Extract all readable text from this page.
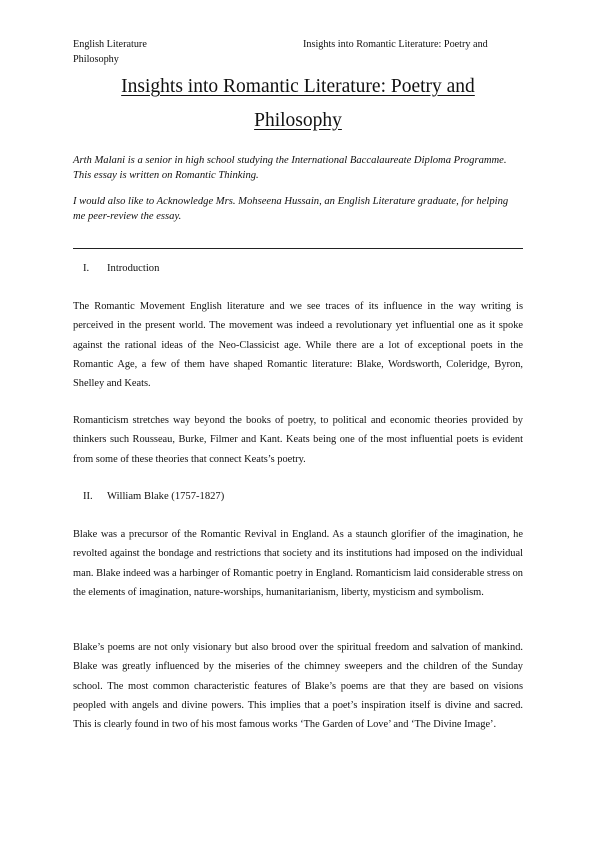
English Literature
Philosophy
Insights into Romantic Literature: Poetry and
Insights into Romantic Literature: Poetry and
Philosophy
Arth Malani is a senior in high school studying the International Baccalaureate Diploma Programme. This essay is written on Romantic Thinking.
I would also like to Acknowledge Mrs. Mohseena Hussain, an English Literature graduate, for helping me peer-review the essay.
I. Introduction
The Romantic Movement English literature and we see traces of its influence in the way writing is perceived in the present world. The movement was indeed a revolutionary yet influential one as it spoke against the rational ideas of the Neo-Classicist age. While there are a lot of exceptional poets in the Romantic Age, a few of them have shaped Romantic literature: Blake, Wordsworth, Coleridge, Byron, Shelley and Keats.
Romanticism stretches way beyond the books of poetry, to political and economic theories provided by thinkers such Rousseau, Burke, Filmer and Kant. Keats being one of the most influential poets is evident from some of these theories that connect Keats’s poetry.
II. William Blake (1757-1827)
Blake was a precursor of the Romantic Revival in England. As a staunch glorifier of the imagination, he revolted against the bondage and restrictions that society and its institutions had imposed on the individual man. Blake indeed was a harbinger of Romantic poetry in England. Romanticism laid considerable stress on the elements of imagination, nature-worships, humanitarianism, liberty, mysticism and symbolism.
Blake’s poems are not only visionary but also brood over the spiritual freedom and salvation of mankind. Blake was greatly influenced by the miseries of the chimney sweepers and the children of the Sunday school. The most common characteristic features of Blake’s poems are that they are based on visions peopled with angels and divine powers. This implies that a poet’s inspiration itself is divine and sacred. This is clearly found in two of his most famous works ‘The Garden of Love’ and ‘The Divine Image’.
